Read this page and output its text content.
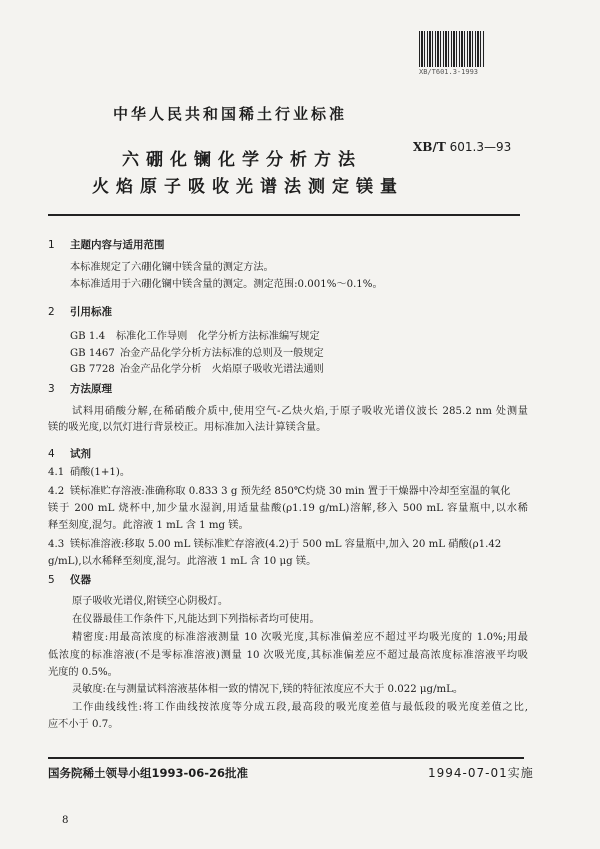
XB/T601.3-1993
中华人民共和国稀土行业标准
六硼化镧化学分析方法
火焰原子吸收光谱法测定镁量
XB/T 601.3—93
1 主题内容与适用范围
本标准规定了六硼化镧中镁含量的测定方法。
本标准适用于六硼化镧中镁含量的测定。测定范围:0.001%～0.1%。
2 引用标准
GB 1.4 标准化工作导则　化学分析方法标准编写规定
GB 1467 冶金产品化学分析方法标准的总则及一般规定
GB 7728 冶金产品化学分析　火焰原子吸收光谱法通则
3 方法原理
试料用硝酸分解,在稀硝酸介质中,使用空气-乙炔火焰,于原子吸收光谱仪波长 285.2 nm 处测量
镁的吸光度,以氘灯进行背景校正。用标准加入法计算镁含量。
4 试剂
4.1 硝酸(1+1)。
4.2 镁标准贮存溶液:准确称取 0.833 3 g 预先经 850℃灼烧 30 min 置于干燥器中冷却至室温的氧化
镁于 200 mL 烧杯中,加少量水湿润,用适量盐酸(ρ1.19 g/mL)溶解,移入 500 mL 容量瓶中,以水稀
释至刻度,混匀。此溶液 1 mL 含 1 mg 镁。
4.3 镁标准溶液:移取 5.00 mL 镁标准贮存溶液(4.2)于 500 mL 容量瓶中,加入 20 mL 硝酸(ρ1.42
g/mL),以水稀释至刻度,混匀。此溶液 1 mL 含 10 μg 镁。
5 仪器
原子吸收光谱仪,附镁空心阴极灯。
在仪器最佳工作条件下,凡能达到下列指标者均可使用。
精密度:用最高浓度的标准溶液测量 10 次吸光度,其标准偏差应不超过平均吸光度的 1.0%;用最
低浓度的标准溶液(不是零标准溶液)测量 10 次吸光度,其标准偏差应不超过最高浓度标准溶液平均吸
光度的 0.5%。
灵敏度:在与测量试料溶液基体相一致的情况下,镁的特征浓度应不大于 0.022 μg/mL。
工作曲线线性:将工作曲线按浓度等分成五段,最高段的吸光度差值与最低段的吸光度差值之比,
应不小于 0.7。
国务院稀土领导小组1993-06-26批准	1994-07-01实施
8
